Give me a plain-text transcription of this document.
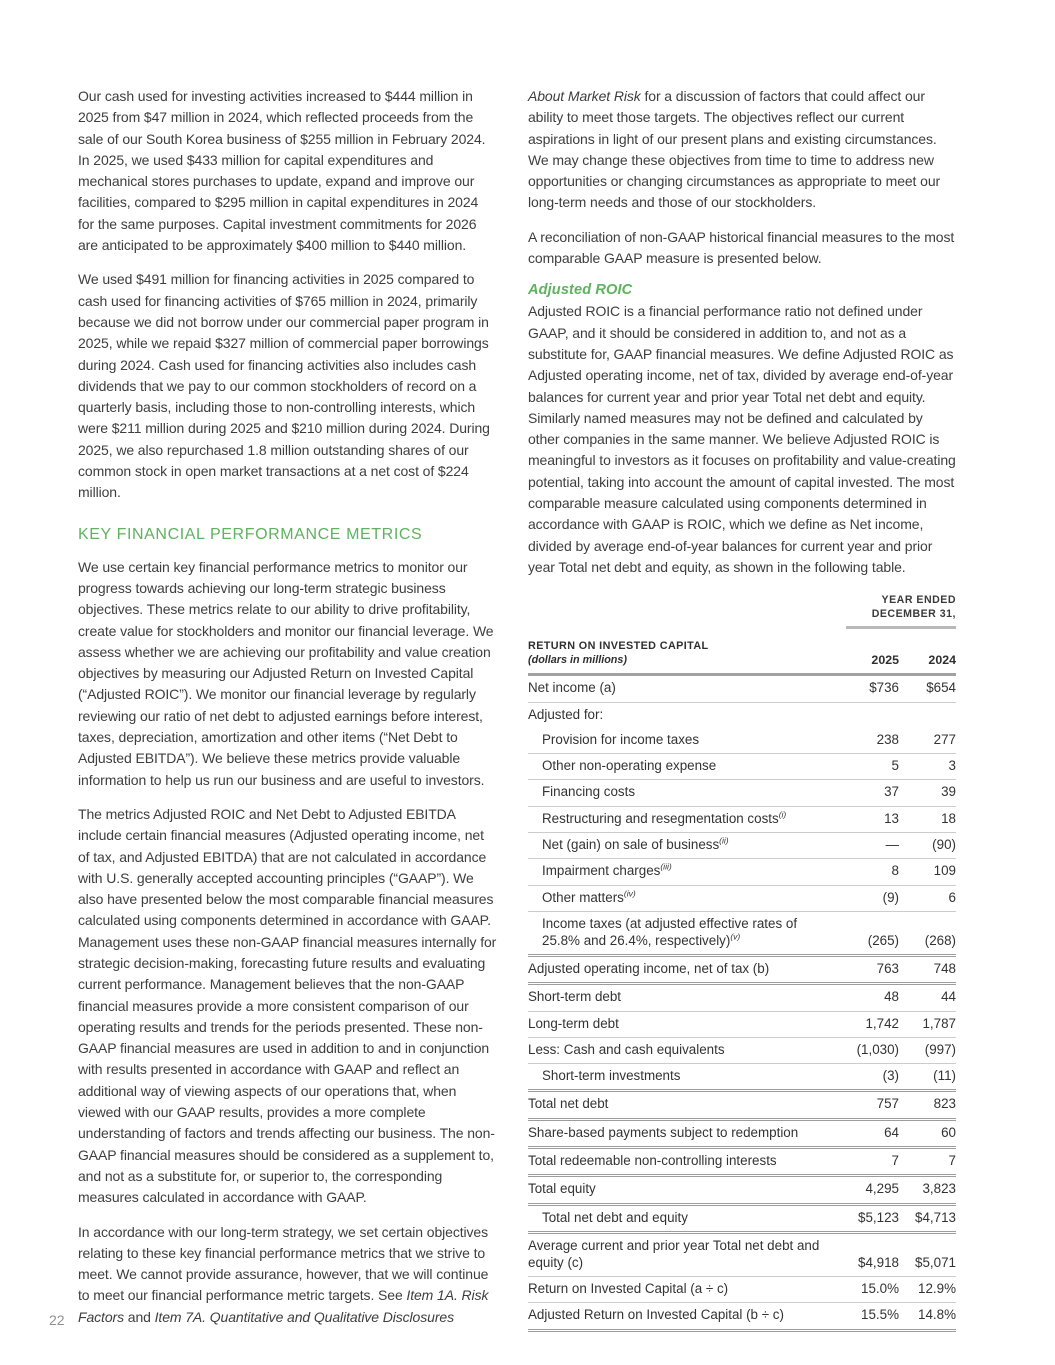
Our cash used for investing activities increased to $444 million in 2025 from $47 million in 2024, which reflected proceeds from the sale of our South Korea business of $255 million in February 2024. In 2025, we used $433 million for capital expenditures and mechanical stores purchases to update, expand and improve our facilities, compared to $295 million in capital expenditures in 2024 for the same purposes. Capital investment commitments for 2026 are anticipated to be approximately $400 million to $440 million.

We used $491 million for financing activities in 2025 compared to cash used for financing activities of $765 million in 2024, primarily because we did not borrow under our commercial paper program in 2025, while we repaid $327 million of commercial paper borrowings during 2024. Cash used for financing activities also includes cash dividends that we pay to our common stockholders of record on a quarterly basis, including those to non-controlling interests, which were $211 million during 2025 and $210 million during 2024. During 2025, we also repurchased 1.8 million outstanding shares of our common stock in open market transactions at a net cost of $224 million.

KEY FINANCIAL PERFORMANCE METRICS

We use certain key financial performance metrics to monitor our progress towards achieving our long-term strategic business objectives. These metrics relate to our ability to drive profitability, create value for stockholders and monitor our financial leverage. We assess whether we are achieving our profitability and value creation objectives by measuring our Adjusted Return on Invested Capital (“Adjusted ROIC”). We monitor our financial leverage by regularly reviewing our ratio of net debt to adjusted earnings before interest, taxes, depreciation, amortization and other items (“Net Debt to Adjusted EBITDA”). We believe these metrics provide valuable information to help us run our business and are useful to investors.

The metrics Adjusted ROIC and Net Debt to Adjusted EBITDA include certain financial measures (Adjusted operating income, net of tax, and Adjusted EBITDA) that are not calculated in accordance with U.S. generally accepted accounting principles (“GAAP”). We also have presented below the most comparable financial measures calculated using components determined in accordance with GAAP. Management uses these non-GAAP financial measures internally for strategic decision-making, forecasting future results and evaluating current performance. Management believes that the non-GAAP financial measures provide a more consistent comparison of our operating results and trends for the periods presented. These non-GAAP financial measures are used in addition to and in conjunction with results presented in accordance with GAAP and reflect an additional way of viewing aspects of our operations that, when viewed with our GAAP results, provides a more complete understanding of factors and trends affecting our business. The non-GAAP financial measures should be considered as a supplement to, and not as a substitute for, or superior to, the corresponding measures calculated in accordance with GAAP.

In accordance with our long-term strategy, we set certain objectives relating to these key financial performance metrics that we strive to meet. We cannot provide assurance, however, that we will continue to meet our financial performance metric targets. See Item 1A. Risk Factors and Item 7A. Quantitative and Qualitative Disclosures

About Market Risk for a discussion of factors that could affect our ability to meet those targets. The objectives reflect our current aspirations in light of our present plans and existing circumstances. We may change these objectives from time to time to address new opportunities or changing circumstances as appropriate to meet our long-term needs and those of our stockholders.

A reconciliation of non-GAAP historical financial measures to the most comparable GAAP measure is presented below.

Adjusted ROIC

Adjusted ROIC is a financial performance ratio not defined under GAAP, and it should be considered in addition to, and not as a substitute for, GAAP financial measures. We define Adjusted ROIC as Adjusted operating income, net of tax, divided by average end-of-year balances for current year and prior year Total net debt and equity. Similarly named measures may not be defined and calculated by other companies in the same manner. We believe Adjusted ROIC is meaningful to investors as it focuses on profitability and value-creating potential, taking into account the amount of capital invested. The most comparable measure calculated using components determined in accordance with GAAP is ROIC, which we define as Net income, divided by average end-of-year balances for current year and prior year Total net debt and equity, as shown in the following table.

YEAR ENDED
DECEMBER 31,
RETURN ON INVESTED CAPITAL
(dollars in millions)	2025	2024
Net income (a)	$736	$654
Adjusted for:
Provision for income taxes	238	277
Other non-operating expense	5	3
Financing costs	37	39
Restructuring and resegmentation costs$^{(i)}$	13	18
Net (gain) on sale of business$^{(ii)}$	—	(90)
Impairment charges$^{(iii)}$	8	109
Other matters$^{(iv)}$	(9)	6
Income taxes (at adjusted effective rates of 25.8% and 26.4%, respectively)$^{(v)}$	(265)	(268)
Adjusted operating income, net of tax (b)	763	748
Short-term debt	48	44
Long-term debt	1,742	1,787
Less: Cash and cash equivalents	(1,030)	(997)
Short-term investments	(3)	(11)
Total net debt	757	823
Share-based payments subject to redemption	64	60
Total redeemable non-controlling interests	7	7
Total equity	4,295	3,823
Total net debt and equity	$5,123	$4,713
Average current and prior year Total net debt and equity (c)	$4,918	$5,071
Return on Invested Capital (a ÷ c)	15.0%	12.9%
Adjusted Return on Invested Capital (b ÷ c)	15.5%	14.8%
22
